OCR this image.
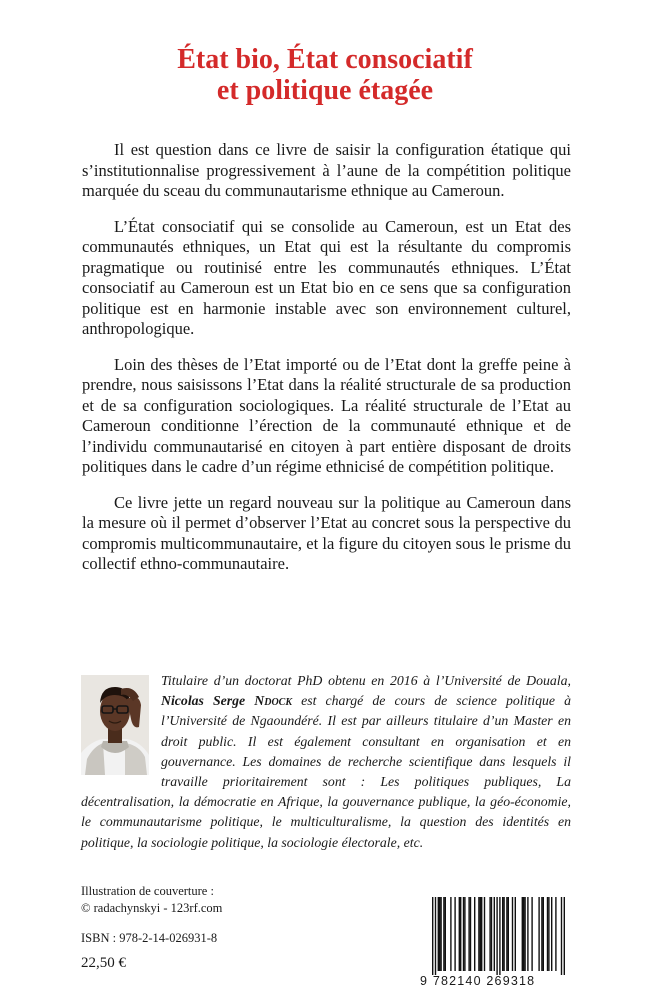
État bio, État consociatif
et politique étagée

Il est question dans ce livre de saisir la configuration étatique qui s’institutionnalise progressivement à l’aune de la compétition politique marquée du sceau du communautarisme ethnique au Cameroun.

L’État consociatif qui se consolide au Cameroun, est un Etat des communautés ethniques, un Etat qui est la résultante du compromis pragmatique ou routinisé entre les communautés ethniques. L’État consociatif au Cameroun est un Etat bio en ce sens que sa configuration politique est en harmonie instable avec son environnement culturel, anthropologique.

Loin des thèses de l’Etat importé ou de l’Etat dont la greffe peine à prendre, nous saisissons l’Etat dans la réalité structurale de sa production et de sa configuration sociologiques. La réalité structurale de l’Etat au Cameroun conditionne l’érection de la communauté ethnique et de l’individu communautarisé en citoyen à part entière disposant de droits politiques dans le cadre d’un régime ethnicisé de compétition politique.

Ce livre jette un regard nouveau sur la politique au Cameroun dans la mesure où il permet d’observer l’Etat au concret sous la perspective du compromis multicommunautaire, et la figure du citoyen sous le prisme du collectif ethno-communautaire.

Titulaire d’un doctorat PhD obtenu en 2016 à l’Université de Douala, Nicolas Serge Ndock est chargé de cours de science politique à l’Université de Ngaoundéré. Il est par ailleurs titulaire d’un Master en droit public. Il est également consultant en organisation et en gouvernance. Les domaines de recherche scientifique dans lesquels il travaille prioritairement sont : Les politiques publiques, La décentralisation, la démocratie en Afrique, la gouvernance publique, la géo-économie, le communautarisme politique, le multiculturalisme, la question des identités en politique, la sociologie politique, la sociologie électorale, etc.

Illustration de couverture :
© radachynskyi - 123rf.com
ISBN : 978-2-14-026931-8
22,50 €
9 782140 269318
